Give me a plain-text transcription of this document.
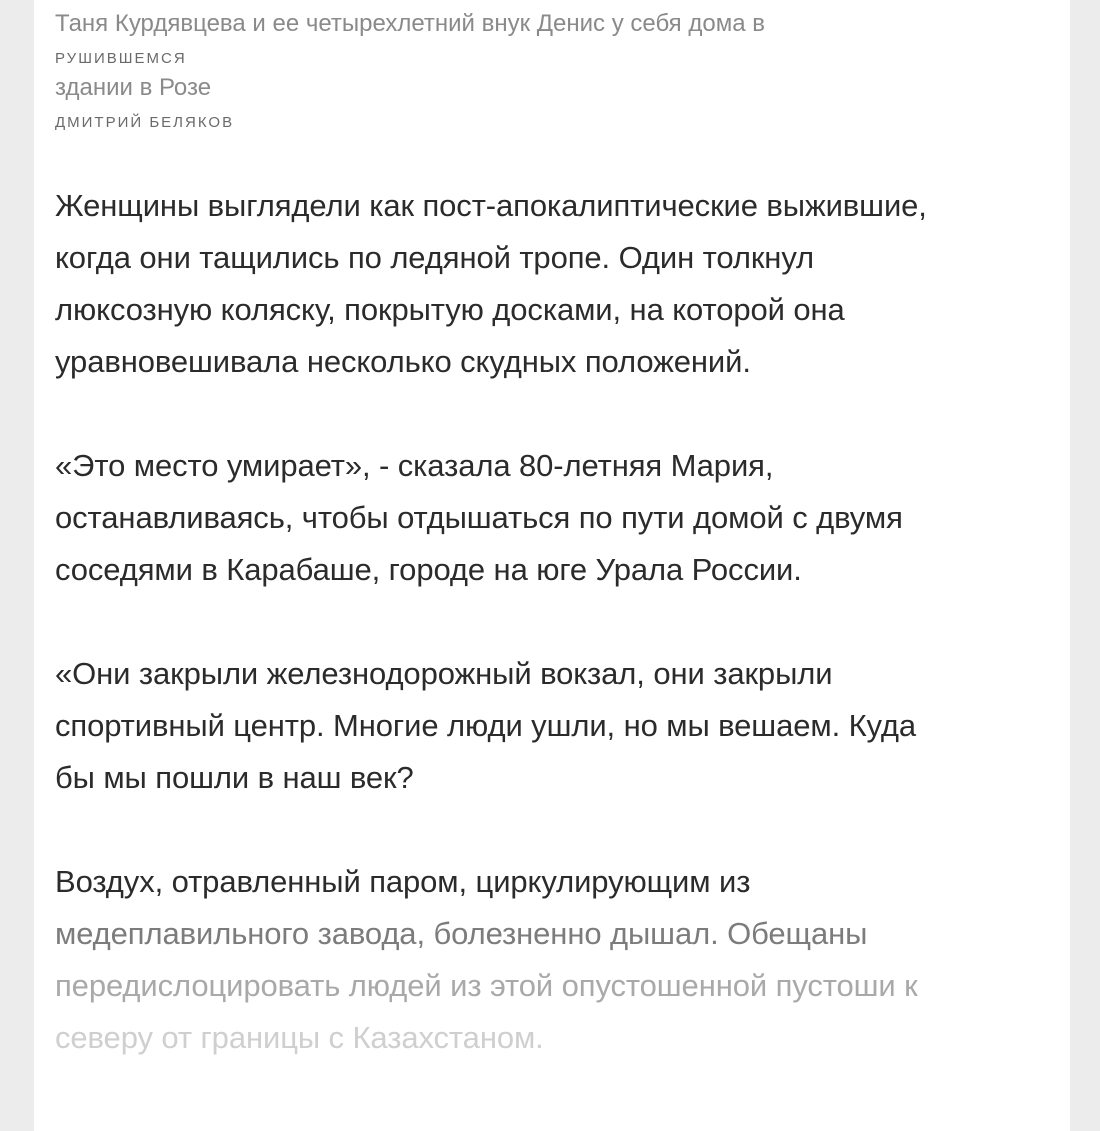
Таня Курдявцева и ее четырехлетний внук Денис у себя дома в

РУШИВШЕМСЯ

здании в Розе

ДМИТРИЙ БЕЛЯКОВ

Женщины выглядели как пост-апокалиптические выжившие,
когда они тащились по ледяной тропе. Один толкнул
люксозную коляску, покрытую досками, на которой она
уравновешивала несколько скудных положений.

«Это место умирает», - сказала 80-летняя Мария,
останавливаясь, чтобы отдышаться по пути домой с двумя
соседями в Карабаше, городе на юге Урала России.

«Они закрыли железнодорожный вокзал, они закрыли
спортивный центр. Многие люди ушли, но мы вешаем. Куда
бы мы пошли в наш век?

Воздух, отравленный паром, циркулирующим из
медеплавильного завода, болезненно дышал. Обещаны
передислоцировать людей из этой опустошенной пустоши к
северу от границы с Казахстаном.
